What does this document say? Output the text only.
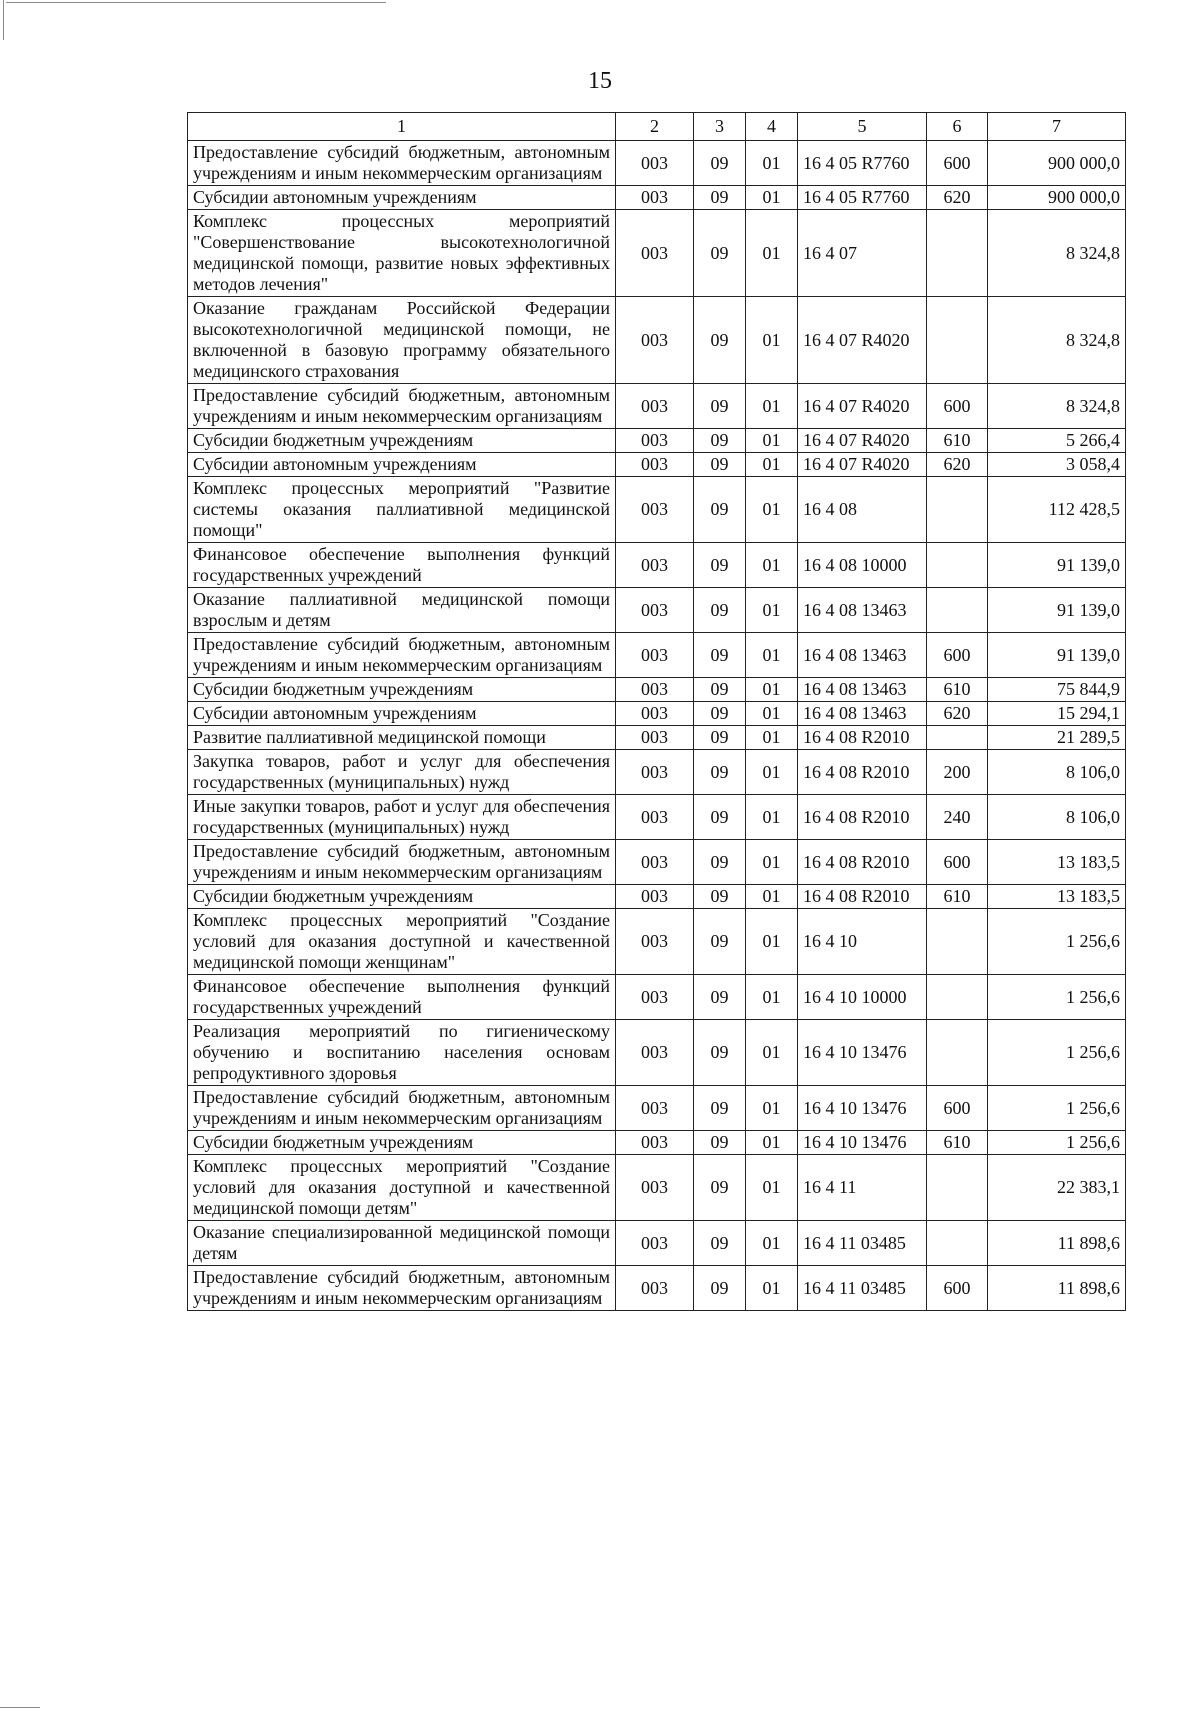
15
1	2	3	4	5	6	7
Предоставление субсидий бюджетным, автономным учреждениям и иным некоммерческим организациям	003	09	01	16 4 05 R7760	600	900 000,0
Субсидии автономным учреждениям	003	09	01	16 4 05 R7760	620	900 000,0
Комплекс процессных мероприятий "Совершенствование высокотехнологичной медицинской помощи, развитие новых эффективных методов лечения"	003	09	01	16 4 07		8 324,8
Оказание гражданам Российской Федерации высокотехнологичной медицинской помощи, не включенной в базовую программу обязательного медицинского страхования	003	09	01	16 4 07 R4020		8 324,8
Предоставление субсидий бюджетным, автономным учреждениям и иным некоммерческим организациям	003	09	01	16 4 07 R4020	600	8 324,8
Субсидии бюджетным учреждениям	003	09	01	16 4 07 R4020	610	5 266,4
Субсидии автономным учреждениям	003	09	01	16 4 07 R4020	620	3 058,4
Комплекс процессных мероприятий "Развитие системы оказания паллиативной медицинской помощи"	003	09	01	16 4 08		112 428,5
Финансовое обеспечение выполнения функций государственных учреждений	003	09	01	16 4 08 10000		91 139,0
Оказание паллиативной медицинской помощи взрослым и детям	003	09	01	16 4 08 13463		91 139,0
Предоставление субсидий бюджетным, автономным учреждениям и иным некоммерческим организациям	003	09	01	16 4 08 13463	600	91 139,0
Субсидии бюджетным учреждениям	003	09	01	16 4 08 13463	610	75 844,9
Субсидии автономным учреждениям	003	09	01	16 4 08 13463	620	15 294,1
Развитие паллиативной медицинской помощи	003	09	01	16 4 08 R2010		21 289,5
Закупка товаров, работ и услуг для обеспечения государственных (муниципальных) нужд	003	09	01	16 4 08 R2010	200	8 106,0
Иные закупки товаров, работ и услуг для обеспечения государственных (муниципальных) нужд	003	09	01	16 4 08 R2010	240	8 106,0
Предоставление субсидий бюджетным, автономным учреждениям и иным некоммерческим организациям	003	09	01	16 4 08 R2010	600	13 183,5
Субсидии бюджетным учреждениям	003	09	01	16 4 08 R2010	610	13 183,5
Комплекс процессных мероприятий "Создание условий для оказания доступной и качественной медицинской помощи женщинам"	003	09	01	16 4 10		1 256,6
Финансовое обеспечение выполнения функций государственных учреждений	003	09	01	16 4 10 10000		1 256,6
Реализация мероприятий по гигиеническому обучению и воспитанию населения основам репродуктивного здоровья	003	09	01	16 4 10 13476		1 256,6
Предоставление субсидий бюджетным, автономным учреждениям и иным некоммерческим организациям	003	09	01	16 4 10 13476	600	1 256,6
Субсидии бюджетным учреждениям	003	09	01	16 4 10 13476	610	1 256,6
Комплекс процессных мероприятий "Создание условий для оказания доступной и качественной медицинской помощи детям"	003	09	01	16 4 11		22 383,1
Оказание специализированной медицинской помощи детям	003	09	01	16 4 11 03485		11 898,6
Предоставление субсидий бюджетным, автономным учреждениям и иным некоммерческим организациям	003	09	01	16 4 11 03485	600	11 898,6
